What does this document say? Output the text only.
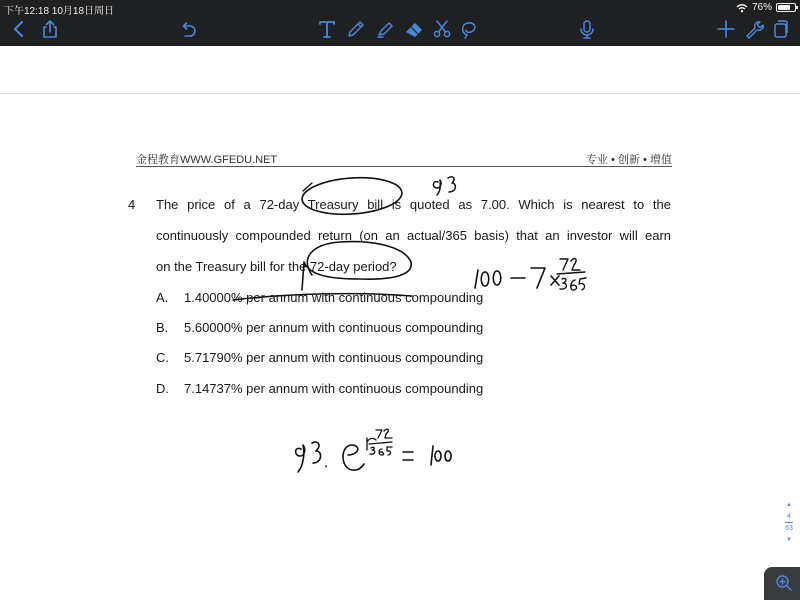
下午12:18 10月18日周日	76%
金程教育WWW.GFEDU.NET	专业 • 创新 • 增值
4 The price of a 72-day Treasury bill is quoted as 7.00. Which is nearest to the
continuously compounded return (on an actual/365 basis) that an investor will earn
on the Treasury bill for the 72-day period?
A. 1.40000% per annum with continuous compounding
B. 5.60000% per annum with continuous compounding
C. 5.71790% per annum with continuous compounding
D. 7.14737% per annum with continuous compounding
▲
4
63
▼
